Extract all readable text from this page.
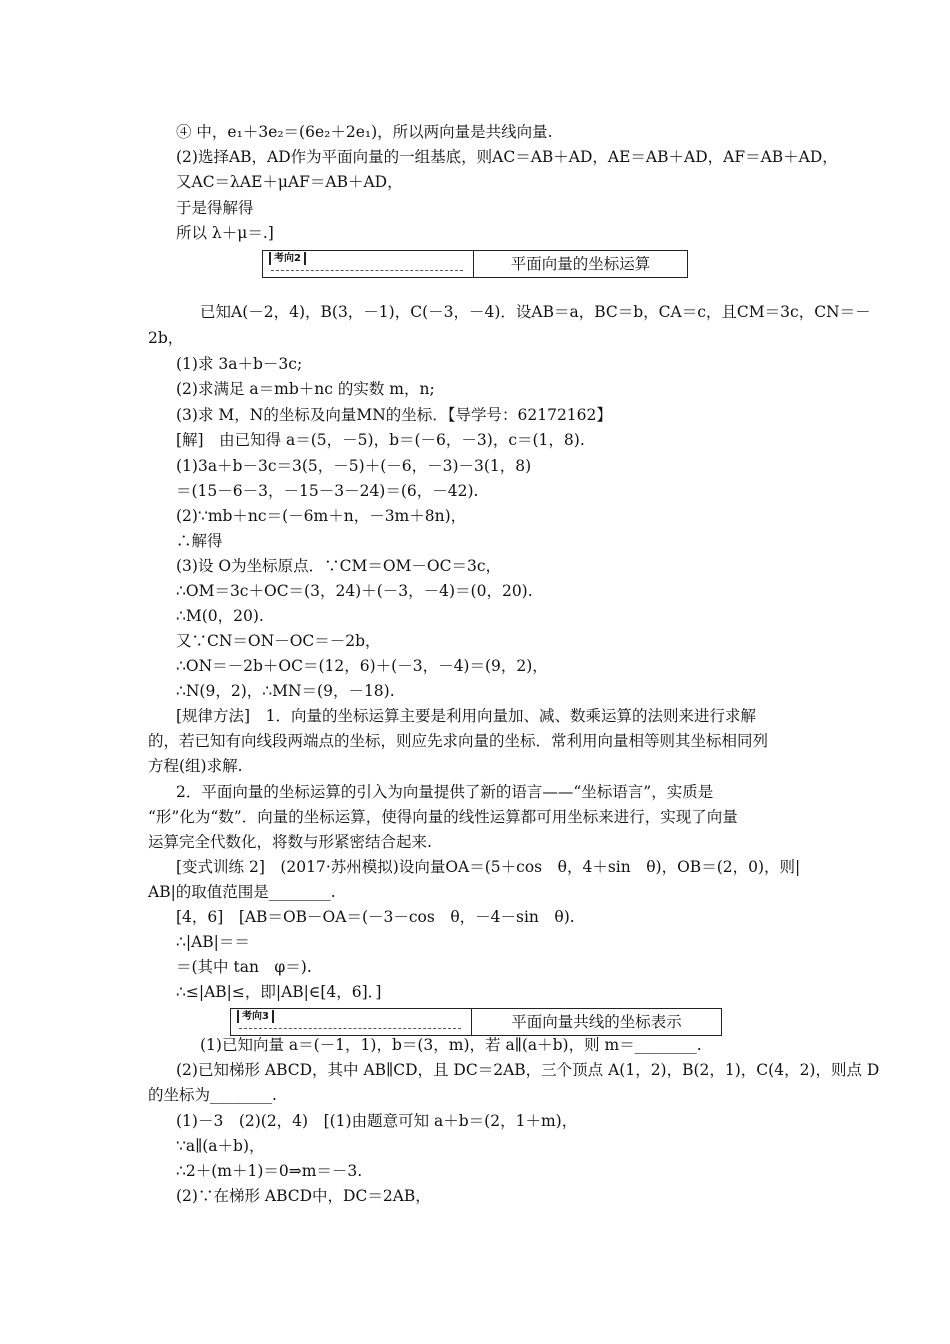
④ 中，e₁＋3e₂＝(6e₂＋2e₁)，所以两向量是共线向量.
(2)选择AB，AD作为平面向量的一组基底，则AC＝AB＋AD，AE＝AB＋AD，AF＝AB＋AD，
又AC＝λAE＋μAF＝AB＋AD，
于是得解得
所以 λ＋μ＝.]
已知A(－2，4)，B(3，－1)，C(－3，－4)．设AB＝a，BC＝b，CA＝c，且CM＝3c，CN＝－
2b，
(1)求 3a＋b－3c;
(2)求满足 a＝mb＋nc 的实数 m，n;
(3)求 M，N的坐标及向量MN的坐标．【导学号：62172162】
[解]　由已知得 a＝(5，－5)，b＝(－6，－3)，c＝(1，8).
(1)3a＋b－3c＝3(5，－5)＋(－6，－3)－3(1，8)
＝(15－6－3，－15－3－24)＝(6，－42).
(2)∵mb＋nc＝(－6m＋n，－3m＋8n)，
∴解得
(3)设 O为坐标原点．∵CM＝OM－OC＝3c，
∴OM＝3c＋OC＝(3，24)＋(－3，－4)＝(0，20).
∴M(0，20).
又∵CN＝ON－OC＝－2b，
∴ON＝－2b＋OC＝(12，6)＋(－3，－4)＝(9，2)，
∴N(9，2)，∴MN＝(9，－18).
[规律方法]　1．向量的坐标运算主要是利用向量加、减、数乘运算的法则来进行求解
的，若已知有向线段两端点的坐标，则应先求向量的坐标．常利用向量相等则其坐标相同列
方程(组)求解.
2．平面向量的坐标运算的引入为向量提供了新的语言——“坐标语言”，实质是
“形”化为“数”．向量的坐标运算，使得向量的线性运算都可用坐标来进行，实现了向量
运算完全代数化，将数与形紧密结合起来.
[变式训练 2]　(2017·苏州模拟)设向量OA＝(5＋cos　θ，4＋sin　θ)，OB＝(2，0)，则|
AB|的取值范围是________.
[4，6]　[AB＝OB－OA＝(－3－cos　θ，－4－sin　θ).
∴|AB|＝＝
＝(其中 tan　φ＝).
∴≤|AB|≤，即|AB|∈[4，6]．]
(1)已知向量 a＝(－1，1)，b＝(3，m)，若 a∥(a＋b)，则 m＝________.
(2)已知梯形 ABCD，其中 AB∥CD，且 DC＝2AB，三个顶点 A(1，2)，B(2，1)，C(4，2)，则点 D
的坐标为________.
(1)－3　(2)(2，4)　[(1)由题意可知 a＋b＝(2，1＋m)，
∵a∥(a＋b)，
∴2＋(m＋1)＝0⇒m＝－3.
(2)∵在梯形 ABCD中，DC＝2AB，
考向2	平面向量的坐标运算
考向3	平面向量共线的坐标表示
